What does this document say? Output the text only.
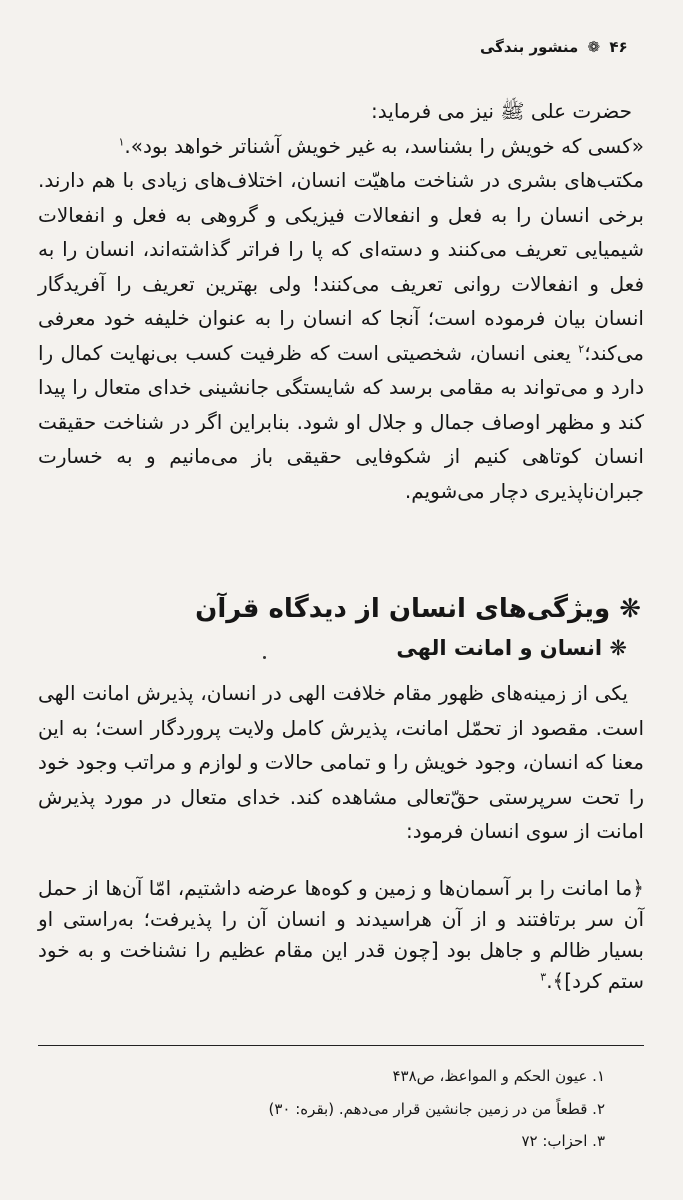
۴۶ ❁ منشور بندگی

حضرت علی ﷺ نیز می فرماید:

«کسی که خویش را بشناسد، به غیر خویش آشناتر خواهد بود».$^۱$

مکتب‌های بشری در شناخت ماهیّت انسان، اختلاف‌های زیادی با هم دارند. برخی انسان را به فعل و انفعالات فیزیکی و گروهی به فعل و انفعالات شیمیایی تعریف می‌کنند و دسته‌ای که پا را فراتر گذاشته‌اند، انسان را به فعل و انفعالات روانی تعریف می‌کنند! ولی بهترین تعریف را آفریدگار انسان بیان فرموده است؛ آنجا که انسان را به عنوان خلیفه خود معرفی می‌کند؛$^۲$ یعنی انسان، شخصیتی است که ظرفیت کسب بی‌نهایت کمال را دارد و می‌تواند به مقامی برسد که شایستگی جانشینی خدای متعال را پیدا کند و مظهر اوصاف جمال و جلال او شود. بنابراین اگر در شناخت حقیقت انسان کوتاهی کنیم از شکوفایی حقیقی باز می‌مانیم و به خسارت جبران‌ناپذیری دچار می‌شویم.

❋ ویژگی‌های انسان از دیدگاه قرآن
❋ انسان و امانت الهی

یکی از زمینه‌های ظهور مقام خلافت الهی در انسان، پذیرش امانت الهی است. مقصود از تحمّل امانت، پذیرش کامل ولایت پروردگار است؛ به این معنا که انسان، وجود خویش را و تمامی حالات و لوازم و مراتب وجود خود را تحت سرپرستی حقّ‌تعالی مشاهده کند. خدای متعال در مورد پذیرش امانت از سوی انسان فرمود:

﴿ما امانت را بر آسمان‌ها و زمین و کوه‌ها عرضه داشتیم، امّا آن‌ها از حمل آن سر برتافتند و از آن هراسیدند و انسان آن را پذیرفت؛ به‌راستی او بسیار ظالم و جاهل بود [چون قدر این مقام عظیم را نشناخت و به خود ستم کرد]﴾.$^۳$

۱. عیون الحکم و المواعظ، ص۴۳۸
۲. قطعاً من در زمین جانشین قرار می‌دهم. (بقره: ۳۰)
۳. احزاب: ۷۲
